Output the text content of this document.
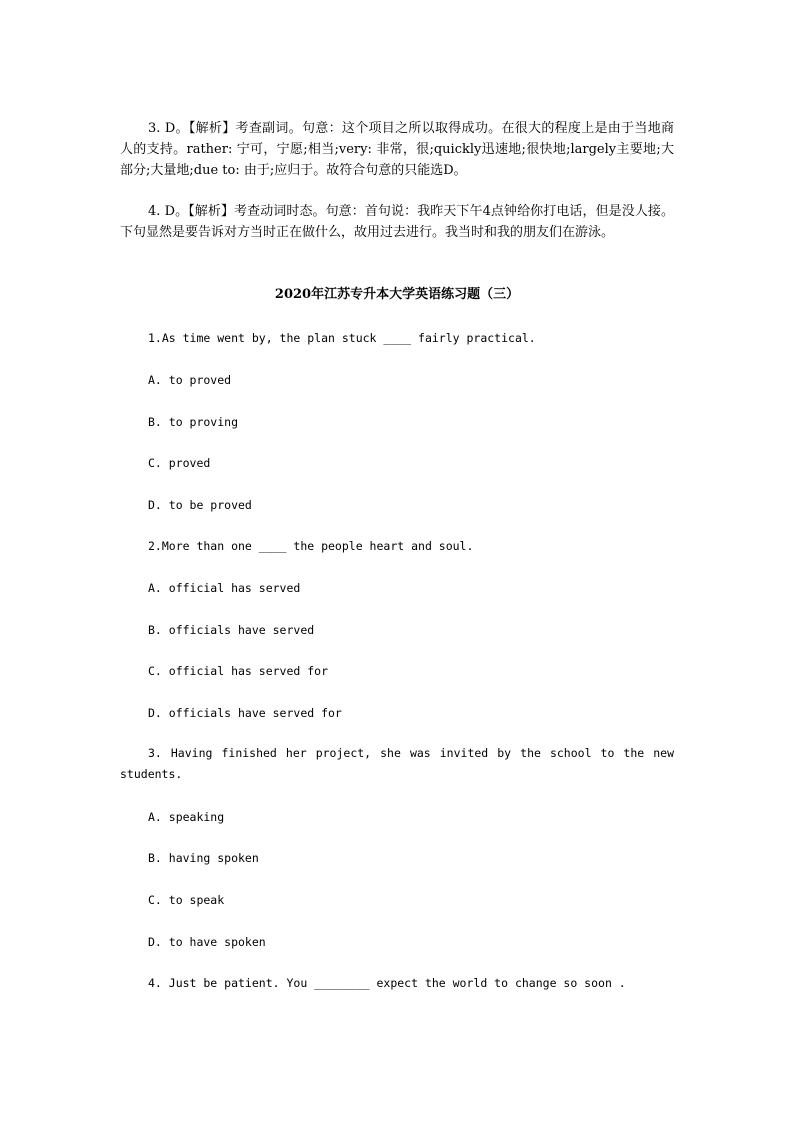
3. D。【解析】考查副词。句意：这个项目之所以取得成功。在很大的程度上是由于当地商人的支持。rather: 宁可，宁愿;相当;very: 非常，很;quickly迅速地;很快地;largely主要地;大部分;大量地;due to: 由于;应归于。故符合句意的只能选D。

4. D。【解析】考查动词时态。句意：首句说：我昨天下午4点钟给你打电话，但是没人接。下句显然是要告诉对方当时正在做什么，故用过去进行。我当时和我的朋友们在游泳。

2020年江苏专升本大学英语练习题（三）

1.As time went by, the plan stuck ____ fairly practical.

A. to proved

B. to proving

C. proved

D. to be proved

2.More than one ____ the people heart and soul.

A. official has served

B. officials have served

C. official has served for

D. officials have served for

3. Having finished her project, she was invited by the school to the new students.

A. speaking

B. having spoken

C. to speak

D. to have spoken

4. Just be patient. You ________ expect the world to change so soon .
